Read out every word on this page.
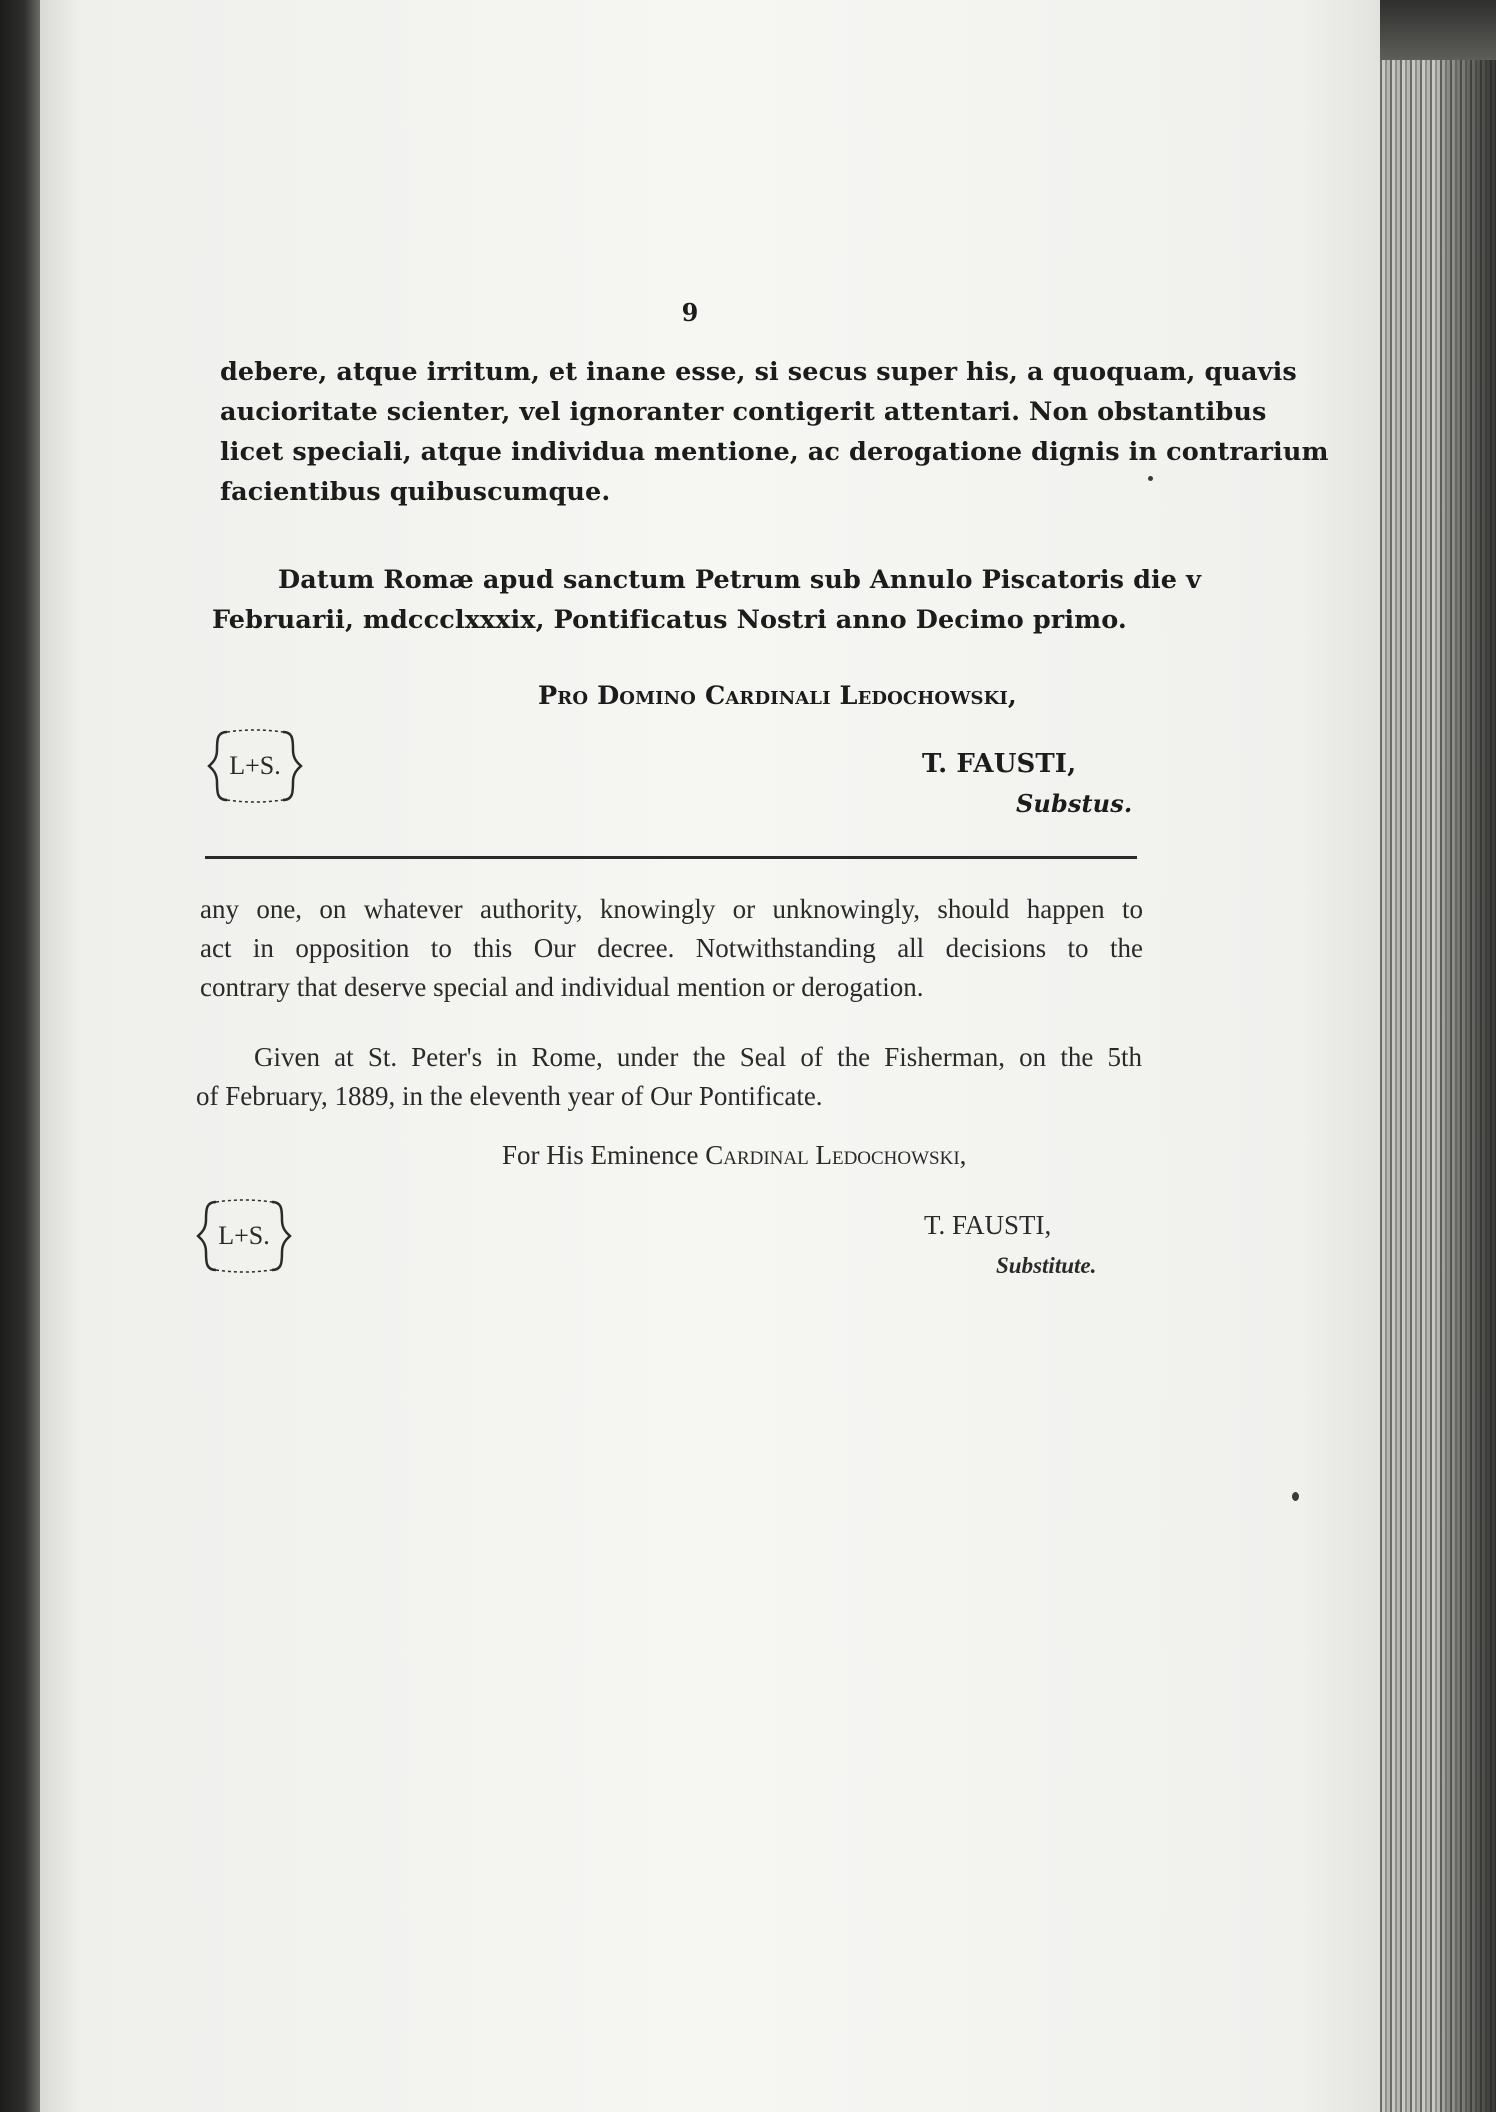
9
debere, atque irritum, et inane esse, si secus super his, a quoquam, quavis
aucioritate scienter, vel ignoranter contigerit attentari. Non obstantibus
licet speciali, atque individua mentione, ac derogatione dignis in contrarium
facientibus quibuscumque.
Datum Romæ apud sanctum Petrum sub Annulo Piscatoris die v
Februarii, mdccclxxxix, Pontificatus Nostri anno Decimo primo.
Pro Domino Cardinali Ledochowski,
L+S.	T. FAUSTI,
Substus.
any one, on whatever authority, knowingly or unknowingly, should happen to
act in opposition to this Our decree. Notwithstanding all decisions to the
contrary that deserve special and individual mention or derogation.
Given at St. Peter's in Rome, under the Seal of the Fisherman, on the 5th
of February, 1889, in the eleventh year of Our Pontificate.
For His Eminence Cardinal Ledochowski,
L+S.	T. FAUSTI,
Substitute.
